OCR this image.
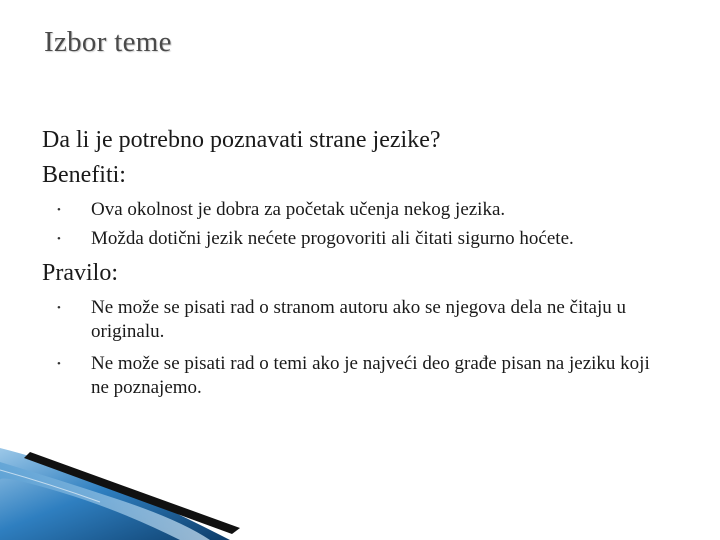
Izbor teme
Da li je potrebno poznavati strane jezike?
Benefiti:
• Ova okolnost je dobra za početak učenja nekog jezika.
• Možda dotični jezik nećete progovoriti ali čitati sigurno hoćete.
Pravilo:
• Ne može se pisati rad o stranom autoru ako se njegova dela ne čitaju u originalu.
• Ne može se pisati rad o temi ako je najveći deo građe pisan na jeziku koji ne poznajemo.
